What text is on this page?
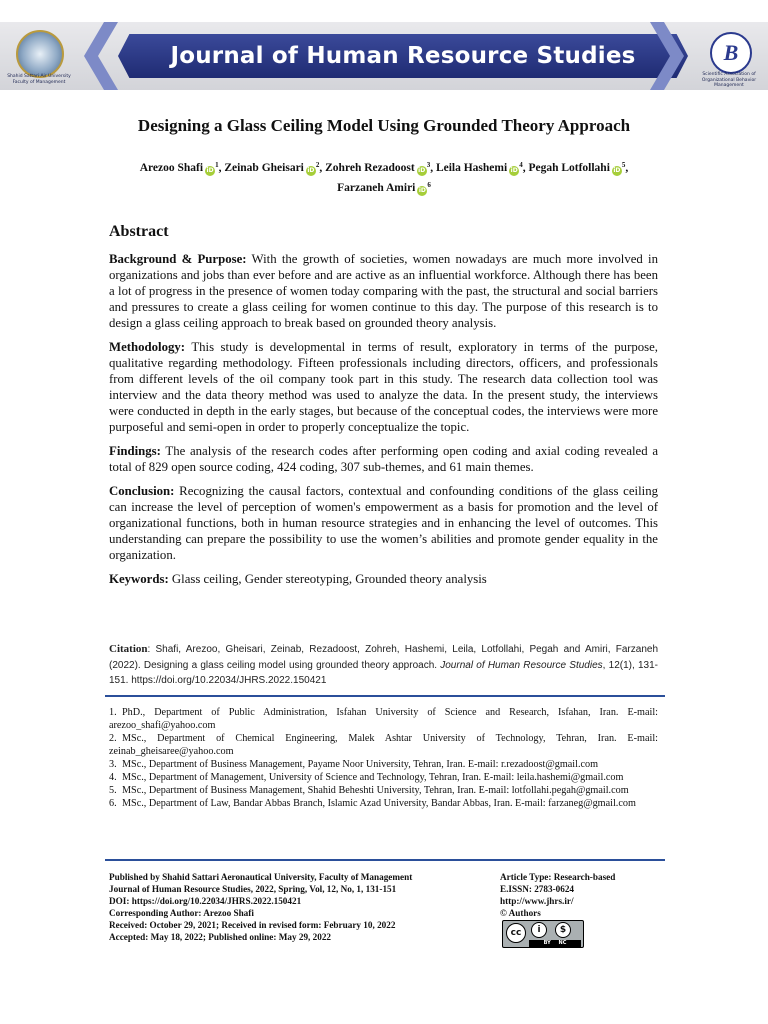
Shahid Sattari Air University Faculty of Management
Journal of Human Resource Studies	B
Scientific Association of Organizational Behavior Management
Designing a Glass Ceiling Model Using Grounded Theory Approach
Arezoo Shafi $iD^1$, Zeinab Gheisari $iD^2$, Zohreh Rezadoost $iD^3$, Leila Hashemi $iD^4$, Pegah Lotfollahi $iD^5$,
Farzaneh Amiri $iD^6$
Abstract

Background & Purpose: With the growth of societies, women nowadays are much more involved in organizations and jobs than ever before and are active as an influential workforce. Although there has been a lot of progress in the presence of women today comparing with the past, the structural and social barriers and pressures to create a glass ceiling for women continue to this day. The purpose of this research is to design a glass ceiling approach to break based on grounded theory analysis.

Methodology: This study is developmental in terms of result, exploratory in terms of the purpose, qualitative regarding methodology. Fifteen professionals including directors, officers, and professionals from different levels of the oil company took part in this study. The research data collection tool was interview and the data theory method was used to analyze the data. In the present study, the interviews were conducted in depth in the early stages, but because of the conceptual codes, the interviews were more purposeful and semi-open in order to properly conceptualize the topic.

Findings: The analysis of the research codes after performing open coding and axial coding revealed a total of 829 open source coding, 424 coding, 307 sub-themes, and 61 main themes.

Conclusion: Recognizing the causal factors, contextual and confounding conditions of the glass ceiling can increase the level of perception of women's empowerment as a basis for promotion and the level of organizational functions, both in human resource strategies and in enhancing the level of outcomes. This understanding can prepare the possibility to use the women’s abilities and promote gender equality in the organization.

Keywords: Glass ceiling, Gender stereotyping, Grounded theory analysis

Citation: Shafi, Arezoo, Gheisari, Zeinab, Rezadoost, Zohreh, Hashemi, Leila, Lotfollahi, Pegah and Amiri, Farzaneh (2022). Designing a glass ceiling model using grounded theory approach. Journal of Human Resource Studies, 12(1), 131-151. https://doi.org/10.22034/JHRS.2022.150421
1. PhD., Department of Public Administration, Isfahan University of Science and Research, Isfahan, Iran. E-mail: arezoo_shafi@yahoo.com
2. MSc., Department of Chemical Engineering, Malek Ashtar University of Technology, Tehran, Iran. E-mail: zeinab_gheisaree@yahoo.com
3. MSc., Department of Business Management, Payame Noor University, Tehran, Iran. E-mail: r.rezadoost@gmail.com
4. MSc., Department of Management, University of Science and Technology, Tehran, Iran. E-mail: leila.hashemi@gmail.com
5. MSc., Department of Business Management, Shahid Beheshti University, Tehran, Iran. E-mail: lotfollahi.pegah@gmail.com
6. MSc., Department of Law, Bandar Abbas Branch, Islamic Azad University, Bandar Abbas, Iran. E-mail: farzaneg@gmail.com
Published by Shahid Sattari Aeronautical University, Faculty of Management
Journal of Human Resource Studies, 2022, Spring, Vol, 12, No, 1, 131-151
DOI: https://doi.org/10.22034/JHRS.2022.150421
Corresponding Author: Arezoo Shafi
Received: October 29, 2021; Received in revised form: February 10, 2022
Accepted: May 18, 2022; Published online: May 29, 2022
Article Type: Research-based
E.ISSN: 2783-0624
http://www.jhrs.ir/
© Authors
cc	i	$
BY NC
